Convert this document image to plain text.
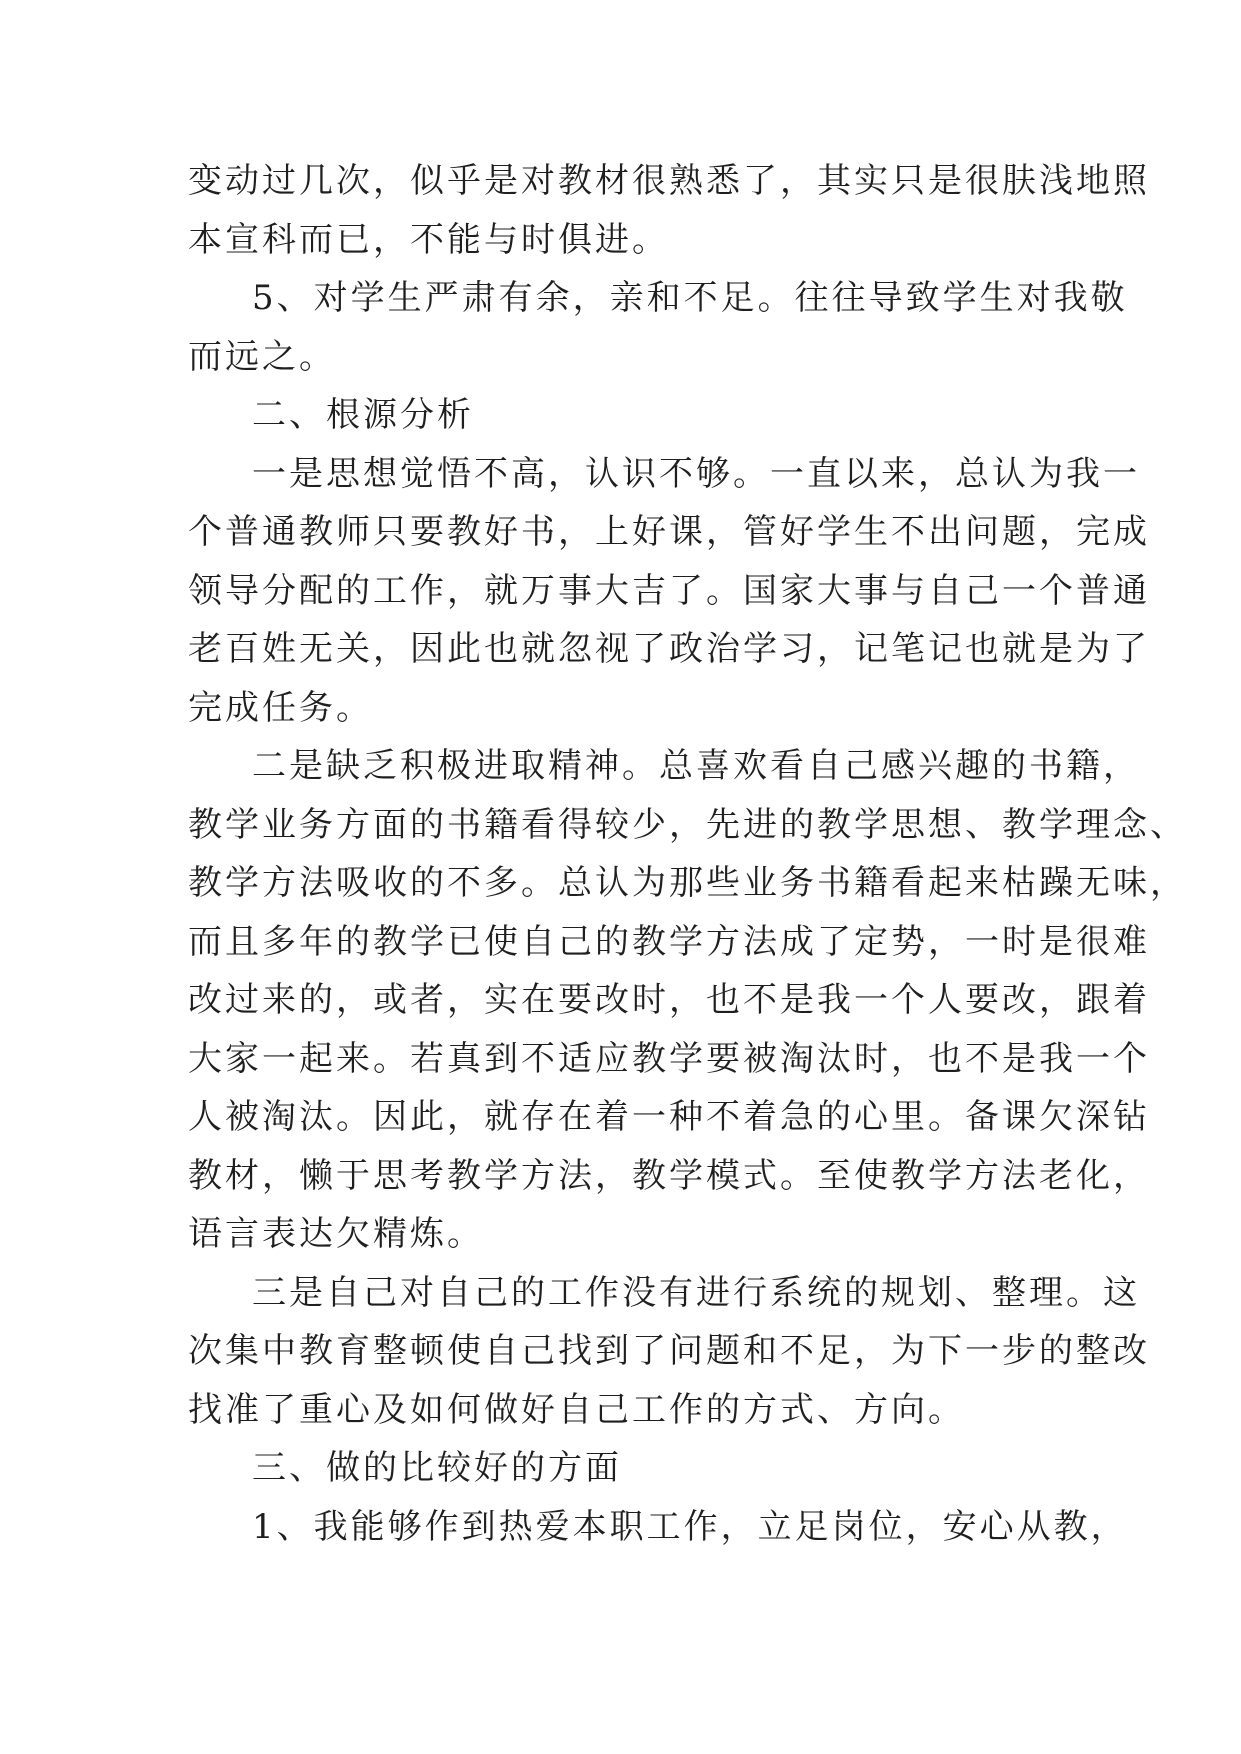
变动过几次，似乎是对教材很熟悉了，其实只是很肤浅地照
本宣科而已，不能与时俱进。
5、对学生严肃有余，亲和不足。往往导致学生对我敬
而远之。
二、根源分析
一是思想觉悟不高，认识不够。一直以来，总认为我一
个普通教师只要教好书，上好课，管好学生不出问题，完成
领导分配的工作，就万事大吉了。国家大事与自己一个普通
老百姓无关，因此也就忽视了政治学习，记笔记也就是为了
完成任务。
二是缺乏积极进取精神。总喜欢看自己感兴趣的书籍，
教学业务方面的书籍看得较少，先进的教学思想、教学理念、
教学方法吸收的不多。总认为那些业务书籍看起来枯躁无味，
而且多年的教学已使自己的教学方法成了定势，一时是很难
改过来的，或者，实在要改时，也不是我一个人要改，跟着
大家一起来。若真到不适应教学要被淘汰时，也不是我一个
人被淘汰。因此，就存在着一种不着急的心里。备课欠深钻
教材，懒于思考教学方法，教学模式。至使教学方法老化，
语言表达欠精炼。
三是自己对自己的工作没有进行系统的规划、整理。这
次集中教育整顿使自己找到了问题和不足，为下一步的整改
找准了重心及如何做好自己工作的方式、方向。
三、做的比较好的方面
1、我能够作到热爱本职工作，立足岗位，安心从教，
